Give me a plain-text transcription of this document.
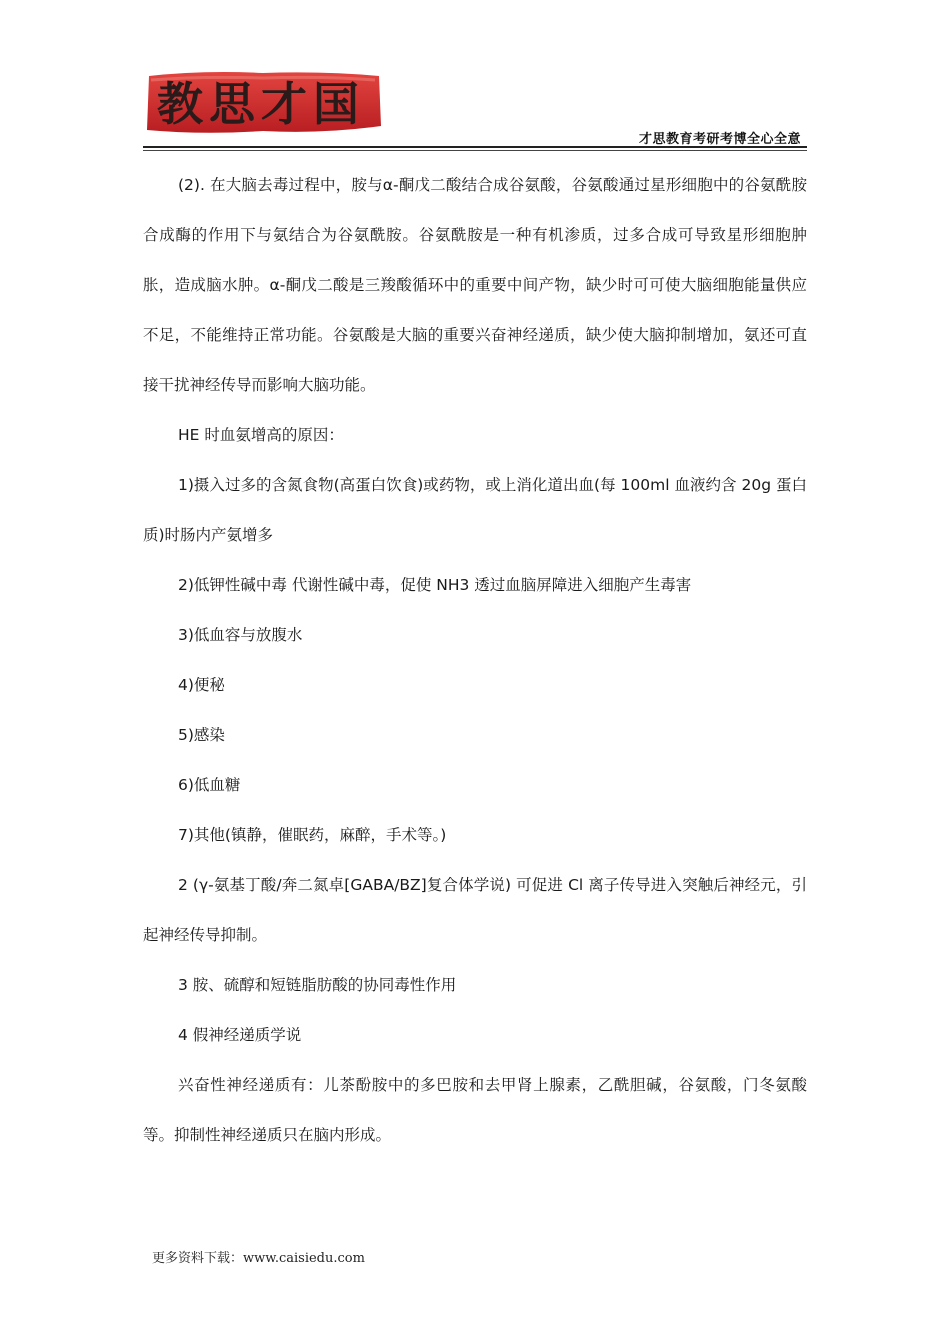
教思才国
才思教育考研考博全心全意

(2). 在大脑去毒过程中，胺与α-酮戊二酸结合成谷氨酸，谷氨酸通过星形细胞中的谷氨酰胺合成酶的作用下与氨结合为谷氨酰胺。谷氨酰胺是一种有机渗质，过多合成可导致星形细胞肿胀，造成脑水肿。α-酮戊二酸是三羧酸循环中的重要中间产物，缺少时可可使大脑细胞能量供应不足，不能维持正常功能。谷氨酸是大脑的重要兴奋神经递质，缺少使大脑抑制增加，氨还可直接干扰神经传导而影响大脑功能。

HE 时血氨增高的原因：

1)摄入过多的含氮食物(高蛋白饮食)或药物，或上消化道出血(每 100ml 血液约含 20g 蛋白质)时肠内产氨增多

2)低钾性碱中毒 代谢性碱中毒，促使 NH3 透过血脑屏障进入细胞产生毒害

3)低血容与放腹水

4)便秘

5)感染

6)低血糖

7)其他(镇静，催眠药，麻醉，手术等。)

2 (γ-氨基丁酸/奔二氮卓[GABA/BZ]复合体学说) 可促进 Cl 离子传导进入突触后神经元，引起神经传导抑制。

3 胺、硫醇和短链脂肪酸的协同毒性作用

4 假神经递质学说

兴奋性神经递质有：儿茶酚胺中的多巴胺和去甲肾上腺素，乙酰胆碱，谷氨酸，门冬氨酸等。抑制性神经递质只在脑内形成。

更多资料下载：www.caisiedu.com
